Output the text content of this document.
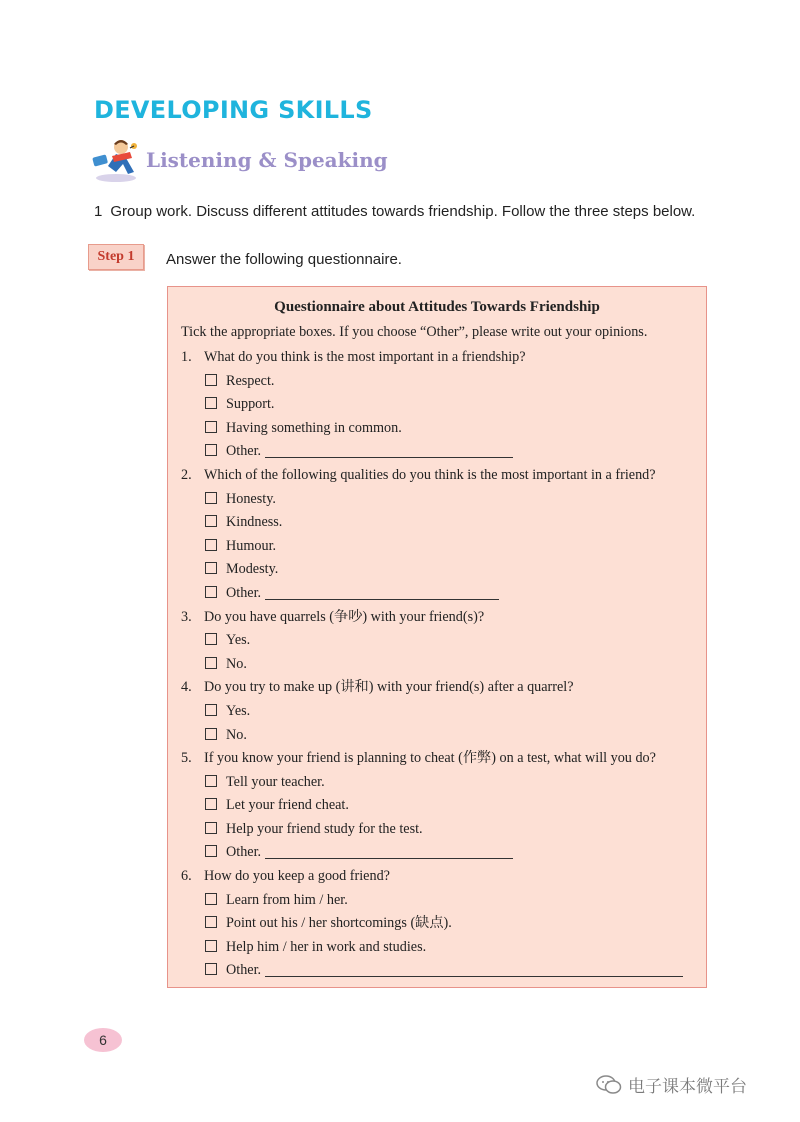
DEVELOPING SKILLS
Listening & Speaking
1 Group work. Discuss different attitudes towards friendship. Follow the three steps below.
Step 1	Answer the following questionnaire.
Questionnaire about Attitudes Towards Friendship
Tick the appropriate boxes. If you choose “Other”, please write out your opinions.
1. What do you think is the most important in a friendship?
Respect.
Support.
Having something in common.
Other.
2. Which of the following qualities do you think is the most important in a friend?
Honesty.
Kindness.
Humour.
Modesty.
Other.
3. Do you have quarrels (争吵) with your friend(s)?
Yes.
No.
4. Do you try to make up (讲和) with your friend(s) after a quarrel?
Yes.
No.
5. If you know your friend is planning to cheat (作弊) on a test, what will you do?
Tell your teacher.
Let your friend cheat.
Help your friend study for the test.
Other.
6. How do you keep a good friend?
Learn from him / her.
Point out his / her shortcomings (缺点).
Help him / her in work and studies.
Other.
6
电子课本微平台
